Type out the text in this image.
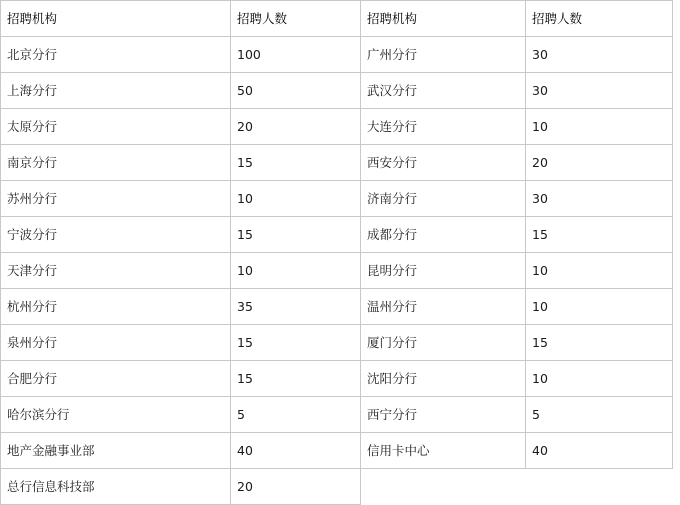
招聘机构	招聘人数	招聘机构	招聘人数
北京分行	100	广州分行	30
上海分行	50	武汉分行	30
太原分行	20	大连分行	10
南京分行	15	西安分行	20
苏州分行	10	济南分行	30
宁波分行	15	成都分行	15
天津分行	10	昆明分行	10
杭州分行	35	温州分行	10
泉州分行	15	厦门分行	15
合肥分行	15	沈阳分行	10
哈尔滨分行	5	西宁分行	5
地产金融事业部	40	信用卡中心	40
总行信息科技部	20		
